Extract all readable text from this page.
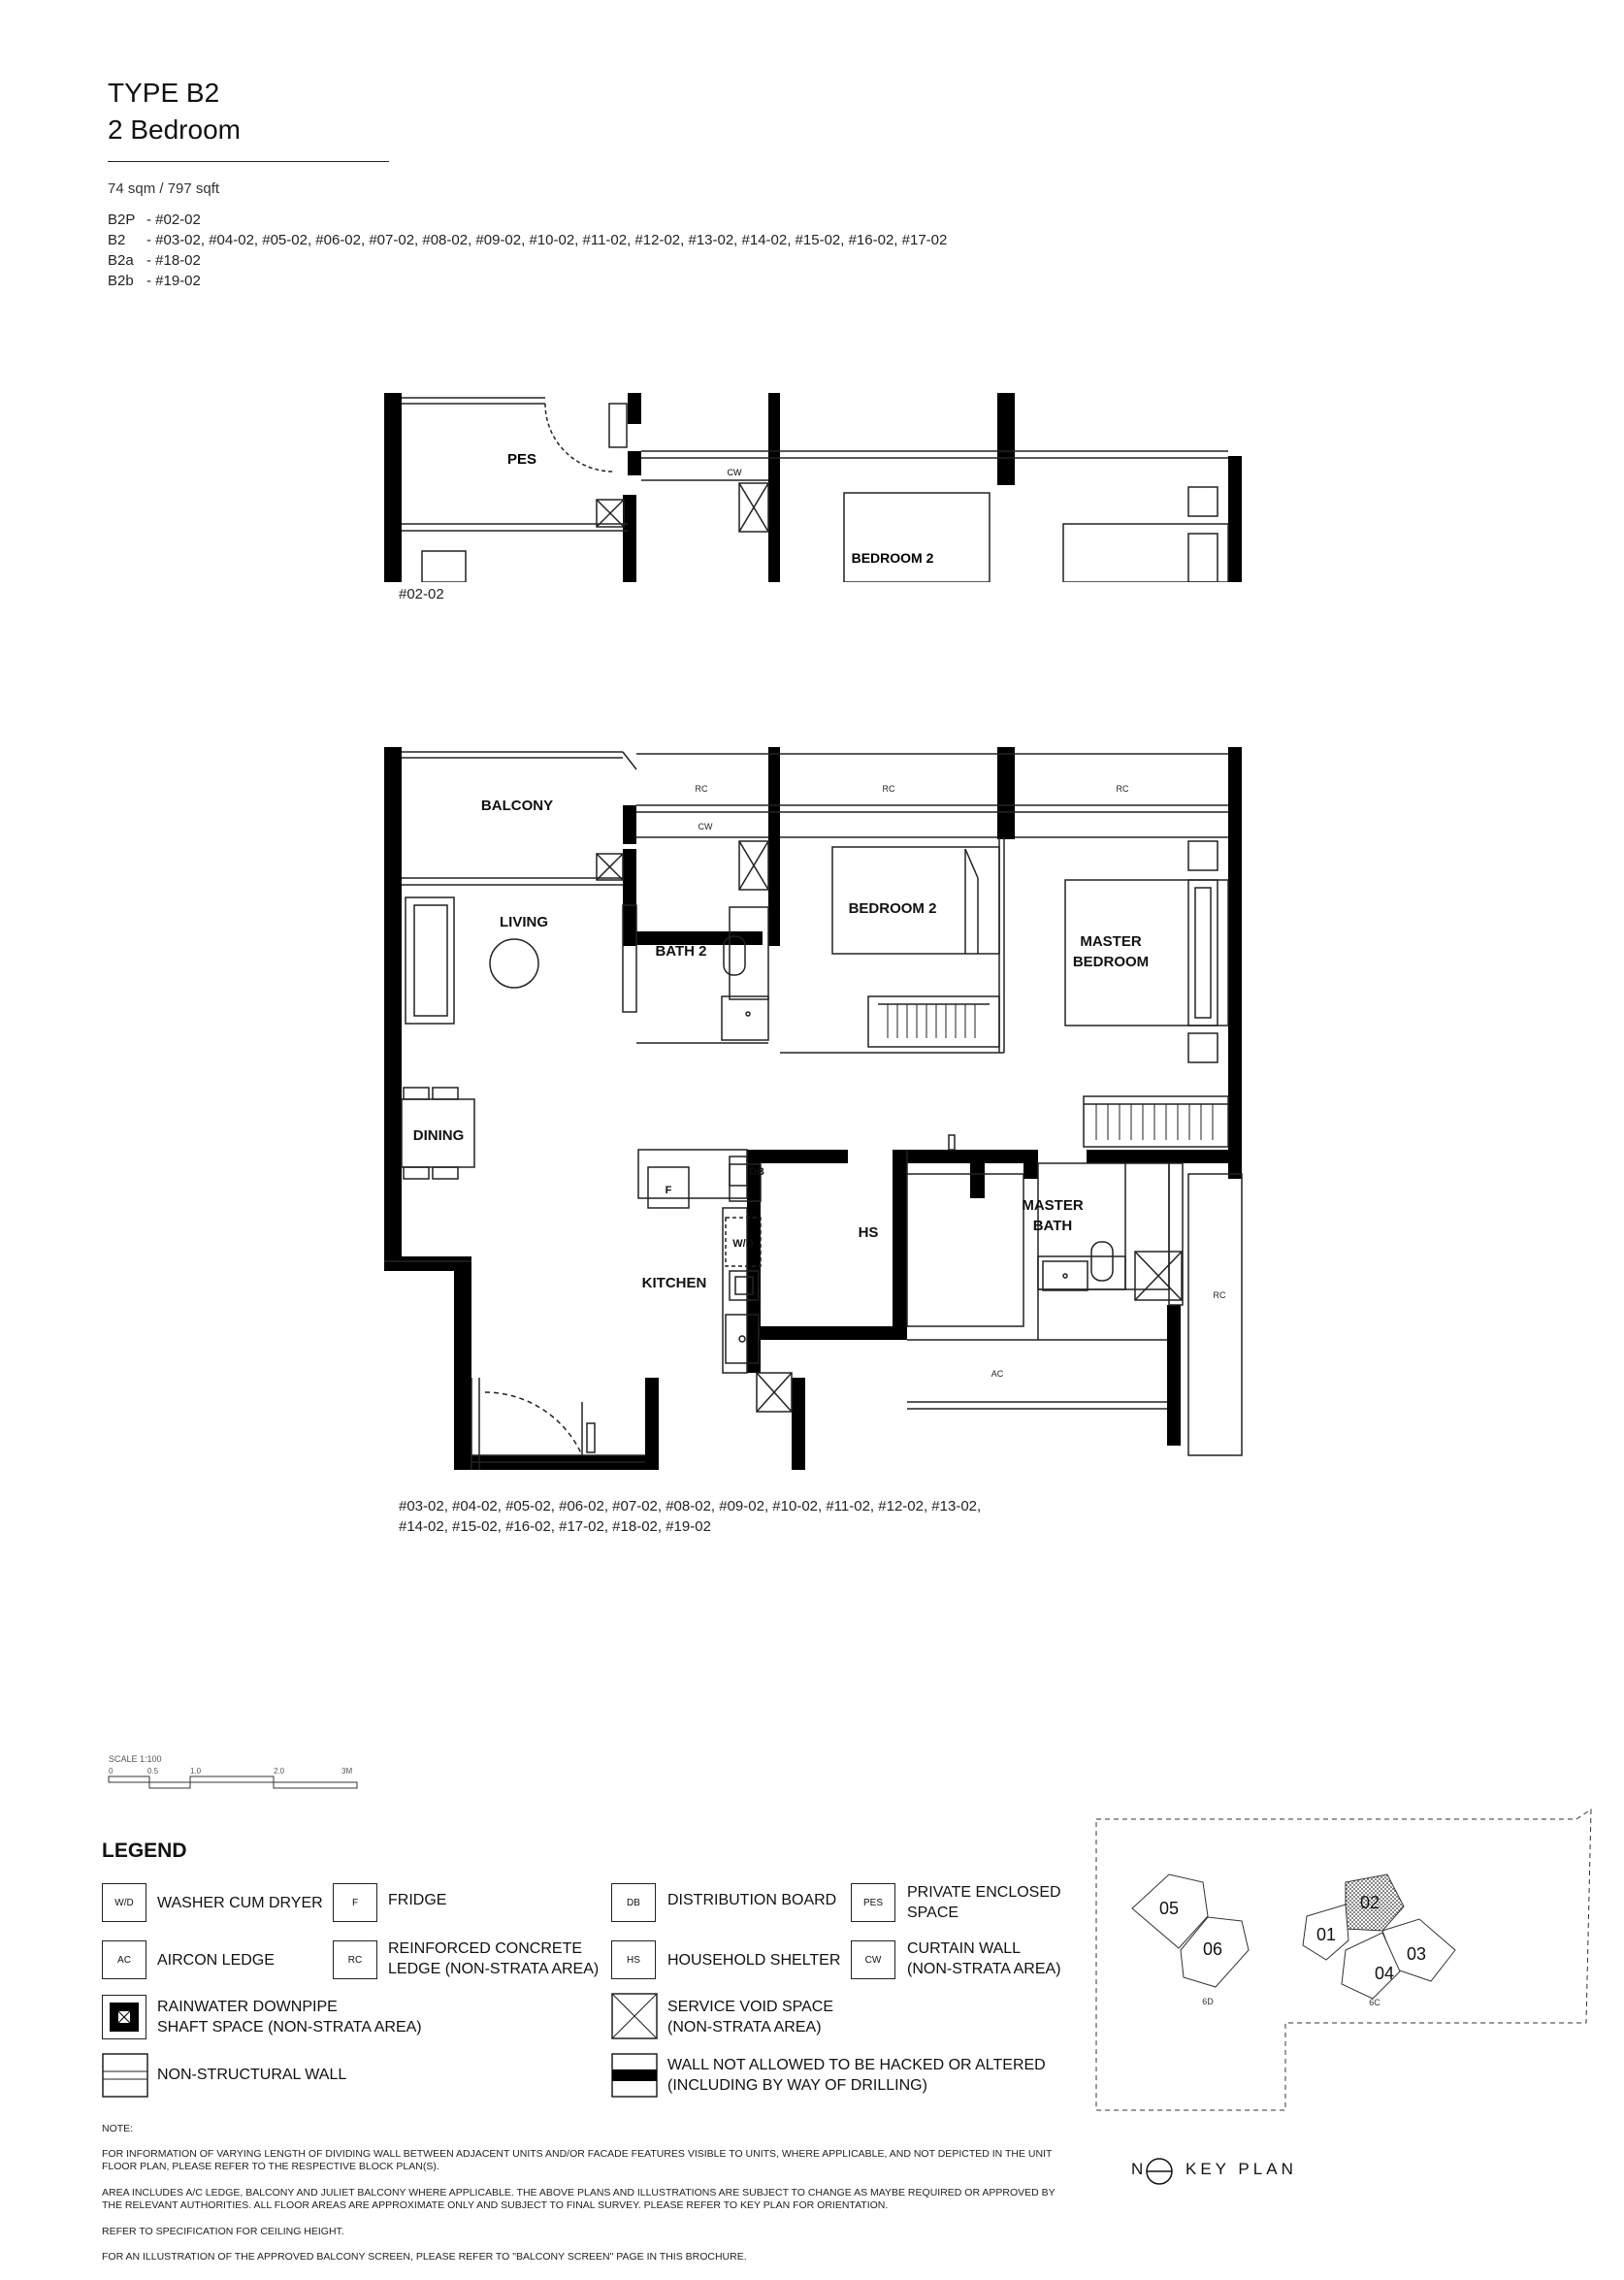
TYPE B2
2 Bedroom
74 sqm / 797 sqft
B2P - #02-02
B2 - #03-02, #04-02, #05-02, #06-02, #07-02, #08-02, #09-02, #10-02, #11-02, #12-02, #13-02, #14-02, #15-02, #16-02, #17-02
B2a - #18-02
B2b - #19-02
PES
CW
BEDROOM 2
#02-02
BALCONY
LIVING
BATH 2
BEDROOM 2
MASTER
BEDROOM
DINING
KITCHEN
HS
MASTER
BATH
DB
W/D
F
CW
RC	RC	RC
RC
AC
#03-02, #04-02, #05-02, #06-02, #07-02, #08-02, #09-02, #10-02, #11-02, #12-02, #13-02,
#14-02, #15-02, #16-02, #17-02, #18-02, #19-02
SCALE 1:100
0	0.5	1.0	2.0	3M
LEGEND
W/D	WASHER CUM DRYER	F	FRIDGE	DB	DISTRIBUTION BOARD	PES
PRIVATE ENCLOSED
SPACE
AC	AIRCON LEDGE	RC
REINFORCED CONCRETE
LEDGE (NON-STRATA AREA)
HS	HOUSEHOLD SHELTER	CW
CURTAIN WALL
(NON-STRATA AREA)
RAINWATER DOWNPIPE
SHAFT SPACE (NON-STRATA AREA)
SERVICE VOID SPACE
(NON-STRATA AREA)
NON-STRUCTURAL WALL
WALL NOT ALLOWED TO BE HACKED OR ALTERED
(INCLUDING BY WAY OF DRILLING)
NOTE:
FOR INFORMATION OF VARYING LENGTH OF DIVIDING WALL BETWEEN ADJACENT UNITS AND/OR FACADE FEATURES VISIBLE TO UNITS, WHERE APPLICABLE, AND NOT DEPICTED IN THE UNIT
FLOOR PLAN, PLEASE REFER TO THE RESPECTIVE BLOCK PLAN(S).
AREA INCLUDES A/C LEDGE, BALCONY AND JULIET BALCONY WHERE APPLICABLE. THE ABOVE PLANS AND ILLUSTRATIONS ARE SUBJECT TO CHANGE AS MAYBE REQUIRED OR APPROVED BY
THE RELEVANT AUTHORITIES. ALL FLOOR AREAS ARE APPROXIMATE ONLY AND SUBJECT TO FINAL SURVEY. PLEASE REFER TO KEY PLAN FOR ORIENTATION.
REFER TO SPECIFICATION FOR CEILING HEIGHT.
FOR AN ILLUSTRATION OF THE APPROVED BALCONY SCREEN, PLEASE REFER TO "BALCONY SCREEN" PAGE IN THIS BROCHURE.
05
06
02
01
03
04
6D	6C
N	KEY PLAN
